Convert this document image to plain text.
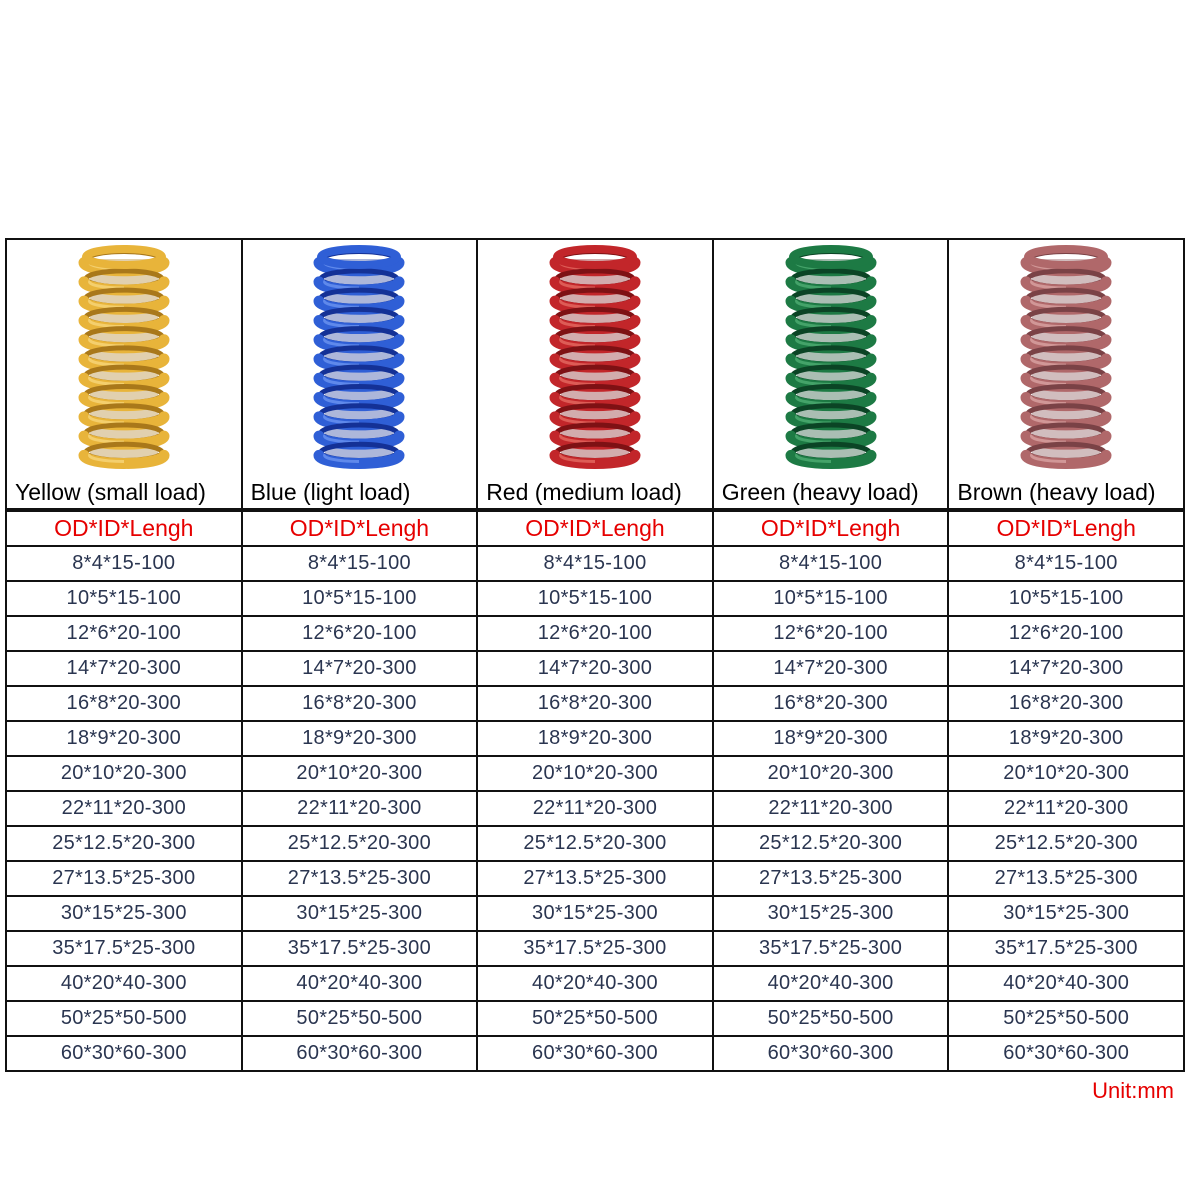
Yellow (small load)	Blue (light load)	Red (medium load)	Green (heavy load)	Brown (heavy load)
OD*ID*Lengh	OD*ID*Lengh	OD*ID*Lengh	OD*ID*Lengh	OD*ID*Lengh
8*4*15-100	8*4*15-100	8*4*15-100	8*4*15-100	8*4*15-100
10*5*15-100	10*5*15-100	10*5*15-100	10*5*15-100	10*5*15-100
12*6*20-100	12*6*20-100	12*6*20-100	12*6*20-100	12*6*20-100
14*7*20-300	14*7*20-300	14*7*20-300	14*7*20-300	14*7*20-300
16*8*20-300	16*8*20-300	16*8*20-300	16*8*20-300	16*8*20-300
18*9*20-300	18*9*20-300	18*9*20-300	18*9*20-300	18*9*20-300
20*10*20-300	20*10*20-300	20*10*20-300	20*10*20-300	20*10*20-300
22*11*20-300	22*11*20-300	22*11*20-300	22*11*20-300	22*11*20-300
25*12.5*20-300	25*12.5*20-300	25*12.5*20-300	25*12.5*20-300	25*12.5*20-300
27*13.5*25-300	27*13.5*25-300	27*13.5*25-300	27*13.5*25-300	27*13.5*25-300
30*15*25-300	30*15*25-300	30*15*25-300	30*15*25-300	30*15*25-300
35*17.5*25-300	35*17.5*25-300	35*17.5*25-300	35*17.5*25-300	35*17.5*25-300
40*20*40-300	40*20*40-300	40*20*40-300	40*20*40-300	40*20*40-300
50*25*50-500	50*25*50-500	50*25*50-500	50*25*50-500	50*25*50-500
60*30*60-300	60*30*60-300	60*30*60-300	60*30*60-300	60*30*60-300
Unit:mm
